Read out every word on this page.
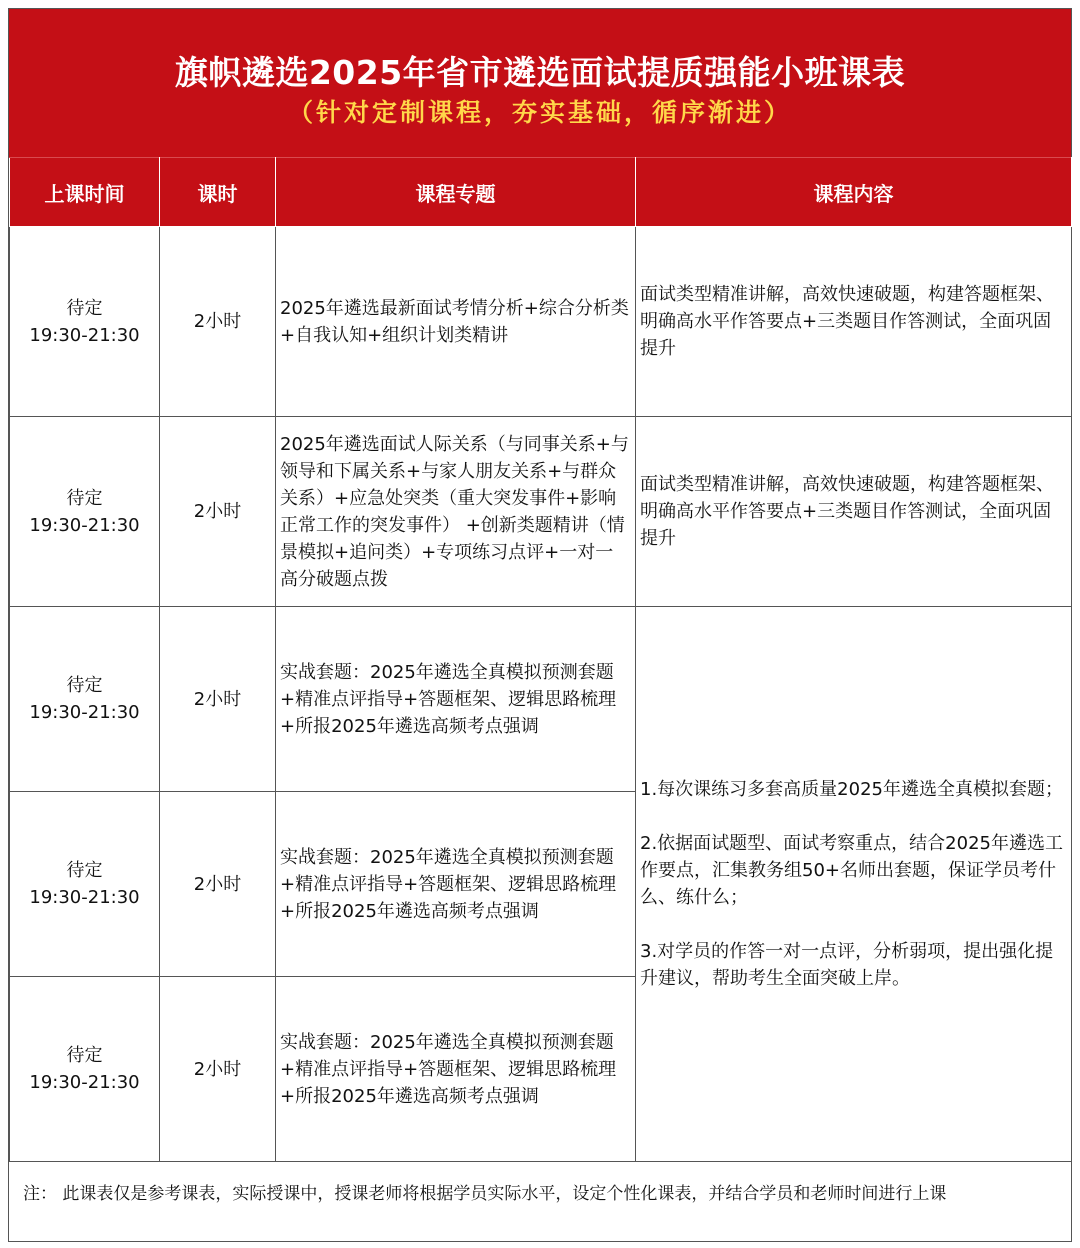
旗帜遴选2025年省市遴选面试提质强能小班课表
（针对定制课程，夯实基础，循序渐进）
上课时间	课时	课程专题	课程内容
待定
19:30-21:30	2小时	2025年遴选最新面试考情分析+综合分析类+自我认知+组织计划类精讲	面试类型精准讲解，高效快速破题，构建答题框架、明确高水平作答要点+三类题目作答测试，全面巩固提升
待定
19:30-21:30	2小时	2025年遴选面试人际关系（与同事关系+与领导和下属关系+与家人朋友关系+与群众关系）+应急处突类（重大突发事件+影响正常工作的突发事件） +创新类题精讲（情景模拟+追问类）+专项练习点评+一对一高分破题点拨	面试类型精准讲解，高效快速破题，构建答题框架、明确高水平作答要点+三类题目作答测试，全面巩固提升
待定
19:30-21:30	2小时	实战套题：2025年遴选全真模拟预测套题+精准点评指导+答题框架、逻辑思路梳理+所报2025年遴选高频考点强调	1.每次课练习多套高质量2025年遴选全真模拟套题；
2.依据面试题型、面试考察重点，结合2025年遴选工作要点，汇集教务组50+名师出套题，保证学员考什么、练什么；
3.对学员的作答一对一点评，分析弱项，提出强化提升建议，帮助考生全面突破上岸。

待定
19:30-21:30	2小时	实战套题：2025年遴选全真模拟预测套题+精准点评指导+答题框架、逻辑思路梳理+所报2025年遴选高频考点强调	
待定
19:30-21:30	2小时	实战套题：2025年遴选全真模拟预测套题+精准点评指导+答题框架、逻辑思路梳理+所报2025年遴选高频考点强调	
注： 此课表仅是参考课表，实际授课中，授课老师将根据学员实际水平，设定个性化课表，并结合学员和老师时间进行上课
